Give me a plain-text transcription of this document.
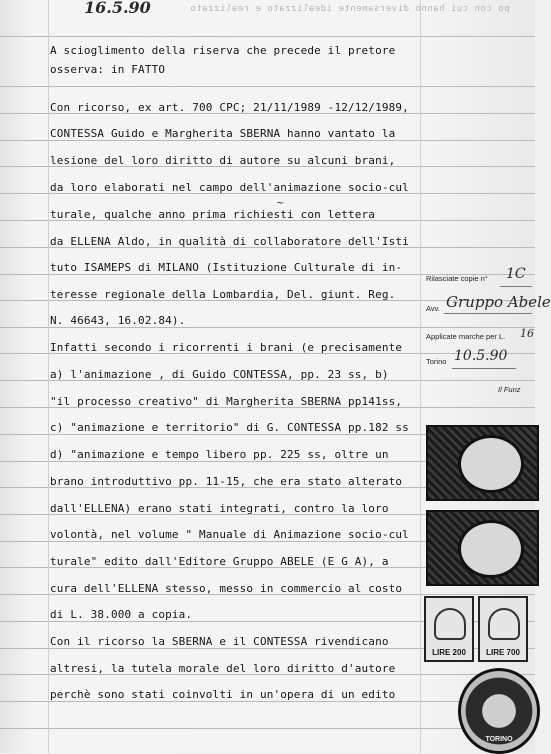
po con cui hanno diversamente idealizzato e realizzato
16.5.90
A scioglimento della riserva che precede il pretore
osserva: in FATTO
Con ricorso, ex art. 700 CPC; 21/11/1989 -12/12/1989,
CONTESSA Guido e Margherita SBERNA hanno vantato la
lesione del loro diritto di autore su alcuni brani,
da loro elaborati nel campo dell'animazione socio-cul
turale, qualche anno prima richiesti con lettera
da ELLENA Aldo, in qualità di collaboratore dell'Isti
tuto ISAMEPS di MILANO (Istituzione Culturale di in-
teresse regionale della Lombardia, Del. giunt. Reg.
N. 46643, 16.02.84).
Infatti secondo i ricorrenti i brani (e precisamente
a) l'animazione , di Guido CONTESSA, pp. 23 ss, b)
"il processo creativo" di Margherita SBERNA pp141ss,
c) "animazione e territorio" di G. CONTESSA pp.182 ss
d) "animazione e tempo libero pp. 225 ss, oltre un
brano introduttivo pp. 11-15, che era stato alterato
dall'ELLENA) erano stati integrati, contro la loro
volontà, nel volume " Manuale di Animazione socio-cul
turale" edito dall'Editore Gruppo ABELE (E G A), a
cura dell'ELLENA stesso, messo in commercio al costo
di L. 38.000 a copia.
Con il ricorso la SBERNA e il CONTESSA rivendicano
altresi, la tutela morale del loro diritto d'autore
perchè sono stati coinvolti in un'opera di un edito
Rilasciate copie n° 1C
Avv. Gruppo Abele
Applicate marche per L. 16
Torino 10.5.90
Il Funz
LIRE 200	LIRE 700
TORINO
~
